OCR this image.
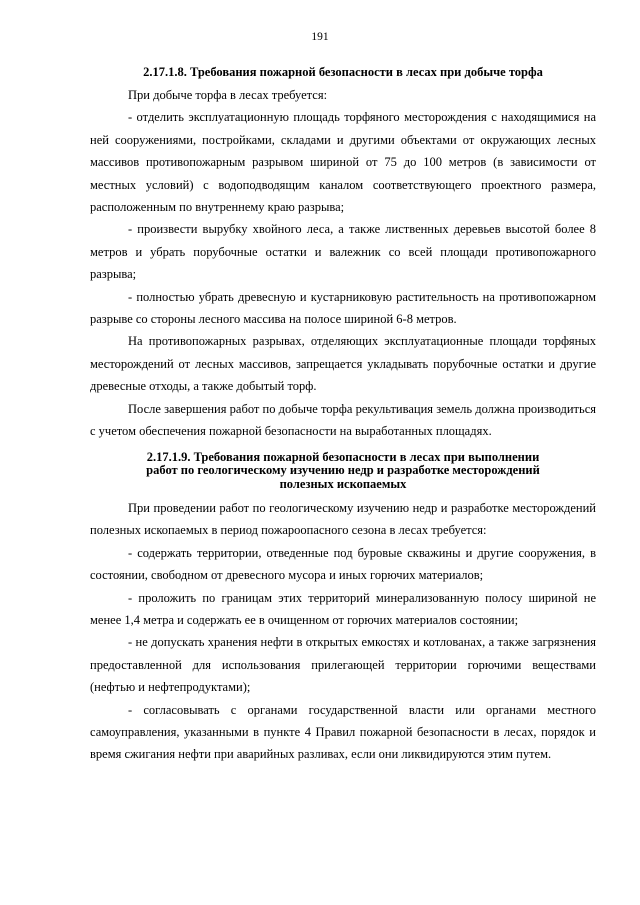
191

2.17.1.8. Требования пожарной безопасности в лесах при добыче торфа

При добыче торфа в лесах требуется:

- отделить эксплуатационную площадь торфяного месторождения с находящимися на ней сооружениями, постройками, складами и другими объектами от окружающих лесных массивов противопожарным разрывом шириной от 75 до 100 метров (в зависимости от местных условий) с водоподводящим каналом соответствующего проектного размера, расположенным по внутреннему краю разрыва;

- произвести вырубку хвойного леса, а также лиственных деревьев высотой более 8 метров и убрать порубочные остатки и валежник со всей площади противопожарного разрыва;

- полностью убрать древесную и кустарниковую растительность на противопожарном разрыве со стороны лесного массива на полосе шириной 6-8 метров.

На противопожарных разрывах, отделяющих эксплуатационные площади торфяных месторождений от лесных массивов, запрещается укладывать порубочные остатки и другие древесные отходы, а также добытый торф.

После завершения работ по добыче торфа рекультивация земель должна производиться с учетом обеспечения пожарной безопасности на выработанных площадях.

2.17.1.9. Требования пожарной безопасности в лесах при выполнении
работ по геологическому изучению недр и разработке месторождений
полезных ископаемых

При проведении работ по геологическому изучению недр и разработке месторождений полезных ископаемых в период пожароопасного сезона в лесах требуется:

- содержать территории, отведенные под буровые скважины и другие сооружения, в состоянии, свободном от древесного мусора и иных горючих материалов;

- проложить по границам этих территорий минерализованную полосу шириной не менее 1,4 метра и содержать ее в очищенном от горючих материалов состоянии;

- не допускать хранения нефти в открытых емкостях и котлованах, а также загрязнения предоставленной для использования прилегающей территории горючими веществами (нефтью и нефтепродуктами);

- согласовывать с органами государственной власти или органами местного самоуправления, указанными в пункте 4 Правил пожарной безопасности в лесах, порядок и время сжигания нефти при аварийных разливах, если они ликвидируются этим путем.
